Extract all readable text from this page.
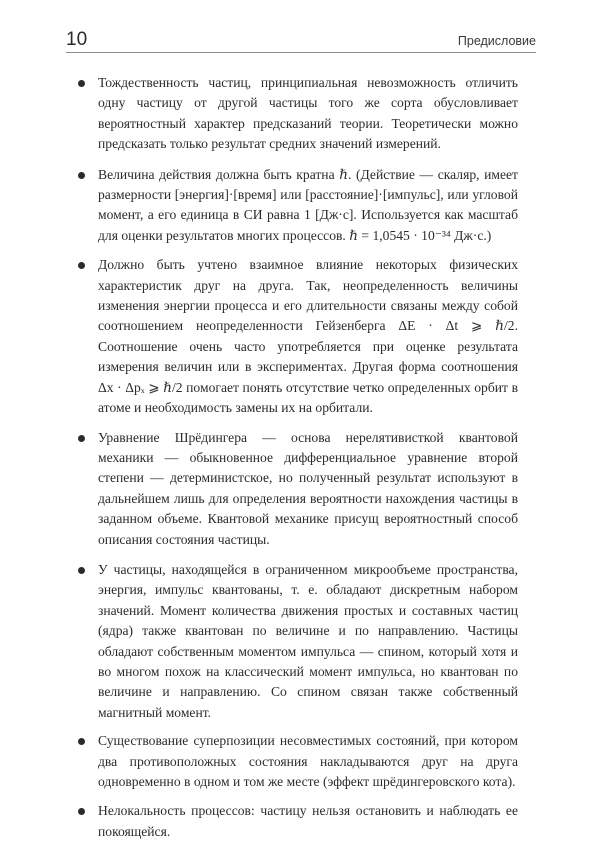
10	Предисловие

Тождественность частиц, принципиальная невозможность отличить одну частицу от другой частицы того же сорта обусловливает вероятностный характер предсказаний теории. Теоретически можно предсказать только результат средних значений измерений.

Величина действия должна быть кратна ℏ. (Действие — скаляр, имеет размерности [энергия]·[время] или [расстояние]·[импульс], или угловой момент, а его единица в СИ равна 1 [Дж·с]. Используется как масштаб для оценки результатов многих процессов. ℏ = 1,0545 · 10⁻³⁴ Дж·с.)

Должно быть учтено взаимное влияние некоторых физических характеристик друг на друга. Так, неопределенность величины изменения энергии процесса и его длительности связаны между собой соотношением неопределенности Гейзенберга ΔE · Δt ⩾ ℏ/2. Соотношение очень часто употребляется при оценке результата измерения величин или в экспериментах. Другая форма соотношения Δx · Δpₓ ⩾ ℏ/2 помогает понять отсутствие четко определенных орбит в атоме и необходимость замены их на орбитали.

Уравнение Шрёдингера — основа нерелятивисткой квантовой механики — обыкновенное дифференциальное уравнение второй степени — детерминистское, но полученный результат используют в дальнейшем лишь для определения вероятности нахождения частицы в заданном объеме. Квантовой механике присущ вероятностный способ описания состояния частицы.

У частицы, находящейся в ограниченном микрообъеме пространства, энергия, импульс квантованы, т. е. обладают дискретным набором значений. Момент количества движения простых и составных частиц (ядра) также квантован по величине и по направлению. Частицы обладают собственным моментом импульса — спином, который хотя и во многом похож на классический момент импульса, но квантован по величине и направлению. Со спином связан также собственный магнитный момент.

Существование суперпозиции несовместимых состояний, при котором два противоположных состояния накладываются друг на друга одновременно в одном и том же месте (эффект шрёдингеровского кота).

Нелокальность процессов: частицу нельзя остановить и наблюдать ее покоящейся.
